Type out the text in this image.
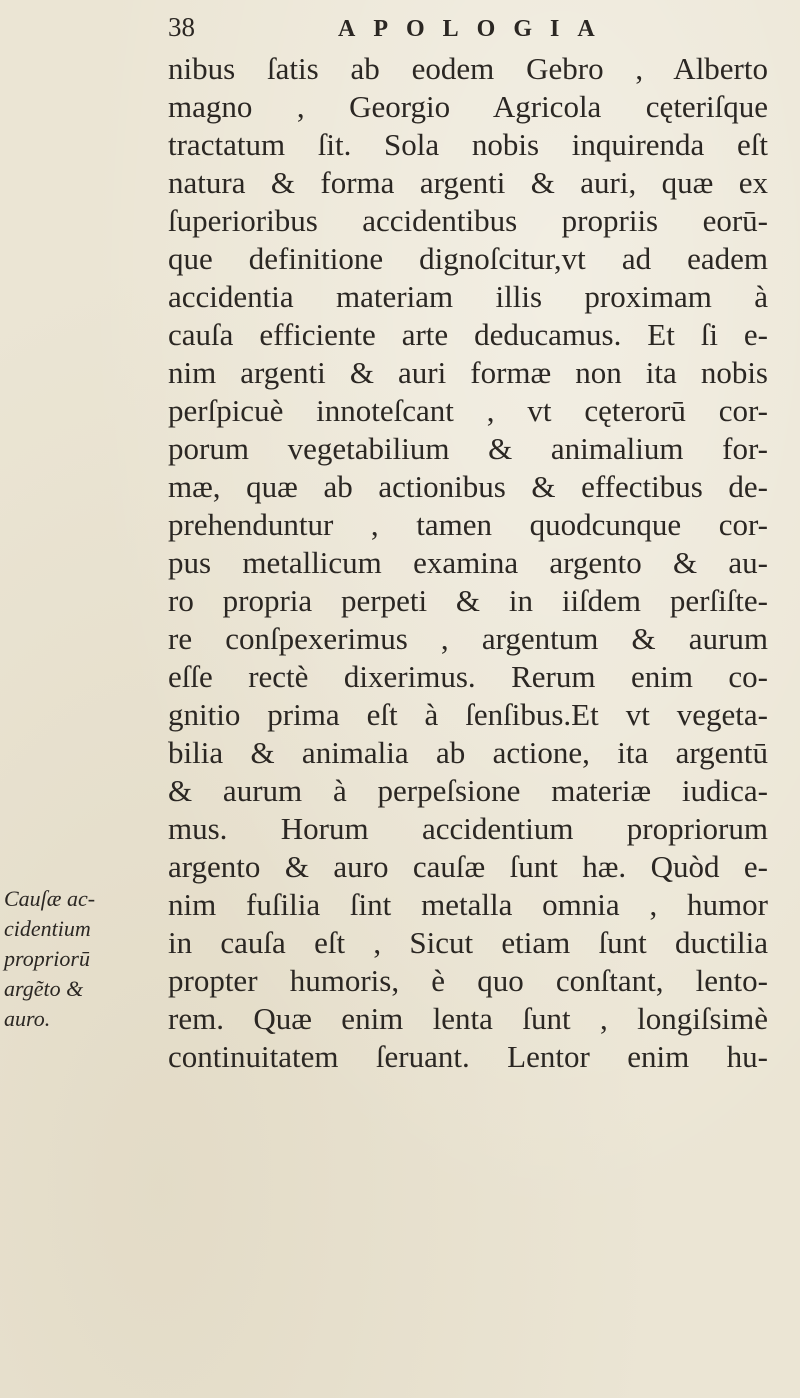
38	APOLOGIA
nibus ſatis ab eodem Gebro , Alberto
magno , Georgio Agricola cęteriſque
tractatum ſit. Sola nobis inquirenda eſt
natura & forma argenti & auri, quæ ex
ſuperioribus accidentibus propriis eorū-
que definitione dignoſcitur,vt ad eadem
accidentia materiam illis proximam à
cauſa efficiente arte deducamus. Et ſi e-
nim argenti & auri formæ non ita nobis
perſpicuè innoteſcant , vt cęterorū cor-
porum vegetabilium & animalium for-
mæ, quæ ab actionibus & effectibus de-
prehenduntur , tamen quodcunque cor-
pus metallicum examina argento & au-
ro propria perpeti & in iiſdem perſiſte-
re conſpexerimus , argentum & aurum
eſſe rectè dixerimus. Rerum enim co-
gnitio prima eſt à ſenſibus.Et vt vegeta-
bilia & animalia ab actione, ita argentū
& aurum à perpeſsione materiæ iudica-
mus. Horum accidentium propriorum
argento & auro cauſæ ſunt hæ. Quòd e-
nim fuſilia ſint metalla omnia , humor
in cauſa eſt , Sicut etiam ſunt ductilia
propter humoris, è quo conſtant, lento-
rem. Quæ enim lenta ſunt , longiſsimè
continuitatem ſeruant. Lentor enim hu-
Cauſæ ac-
cidentium
propriorū
argẽto &
auro.
